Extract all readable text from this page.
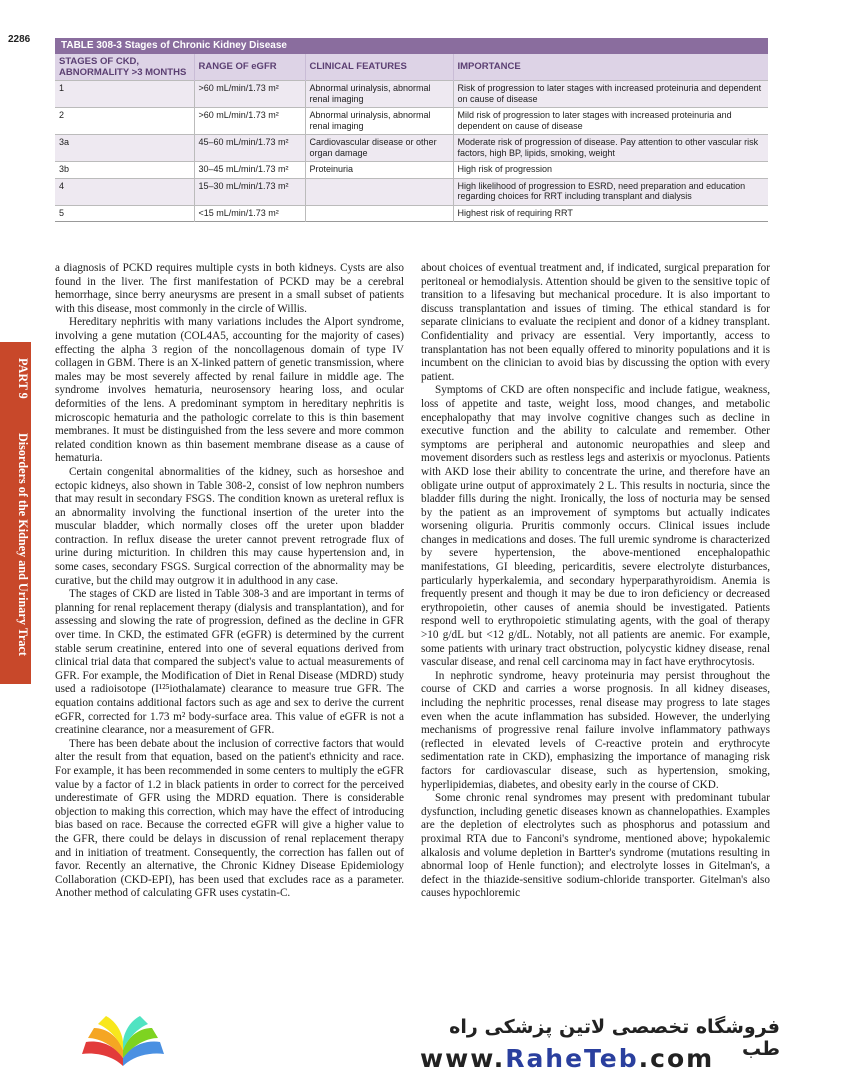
2286
TABLE 308-3 Stages of Chronic Kidney Disease
STAGES OF CKD, ABNORMALITY >3 MONTHS	RANGE OF eGFR	CLINICAL FEATURES	IMPORTANCE
1	>60 mL/min/1.73 m²	Abnormal urinalysis, abnormal renal imaging	Risk of progression to later stages with increased proteinuria and dependent on cause of disease
2	>60 mL/min/1.73 m²	Abnormal urinalysis, abnormal renal imaging	Mild risk of progression to later stages with increased proteinuria and dependent on cause of disease
3a	45–60 mL/min/1.73 m²	Cardiovascular disease or other organ damage	Moderate risk of progression of disease. Pay attention to other vascular risk factors, high BP, lipids, smoking, weight
3b	30–45 mL/min/1.73 m²	Proteinuria	High risk of progression
4	15–30 mL/min/1.73 m²		High likelihood of progression to ESRD, need preparation and education regarding choices for RRT including transplant and dialysis
5	<15 mL/min/1.73 m²		Highest risk of requiring RRT
PART 9    Disorders of the Kidney and Urinary Tract

a diagnosis of PCKD requires multiple cysts in both kidneys. Cysts are also found in the liver. The first manifestation of PCKD may be a cerebral hemorrhage, since berry aneurysms are present in a small subset of patients with this disease, most commonly in the circle of Willis.

Hereditary nephritis with many variations includes the Alport syndrome, involving a gene mutation (COL4A5, accounting for the majority of cases) effecting the alpha 3 region of the noncollagenous domain of type IV collagen in GBM. There is an X-linked pattern of genetic transmission, where males may be most severely affected by renal failure in middle age. The syndrome involves hematuria, neurosensory hearing loss, and ocular deformities of the lens. A predominant symptom in hereditary nephritis is microscopic hematuria and the pathologic correlate to this is thin basement membranes. It must be distinguished from the less severe and more common related condition known as thin basement membrane disease as a cause of hematuria.

Certain congenital abnormalities of the kidney, such as horseshoe and ectopic kidneys, also shown in Table 308-2, consist of low nephron numbers that may result in secondary FSGS. The condition known as ureteral reflux is an abnormality involving the functional insertion of the ureter into the muscular bladder, which normally closes off the ureter upon bladder contraction. In reflux disease the ureter cannot prevent retrograde flux of urine during micturition. In children this may cause hypertension and, in some cases, secondary FSGS. Surgical correction of the abnormality may be curative, but the child may outgrow it in adulthood in any case.

The stages of CKD are listed in Table 308-3 and are important in terms of planning for renal replacement therapy (dialysis and transplantation), and for assessing and slowing the rate of progression, defined as the decline in GFR over time. In CKD, the estimated GFR (eGFR) is determined by the current stable serum creatinine, entered into one of several equations derived from clinical trial data that compared the subject's value to actual measurements of GFR. For example, the Modification of Diet in Renal Disease (MDRD) study used a radioisotope (I¹²⁵iothalamate) clearance to measure true GFR. The equation contains additional factors such as age and sex to derive the current eGFR, corrected for 1.73 m² body-surface area. This value of eGFR is not a creatinine clearance, nor a measurement of GFR.

There has been debate about the inclusion of corrective factors that would alter the result from that equation, based on the patient's ethnicity and race. For example, it has been recommended in some centers to multiply the eGFR value by a factor of 1.2 in black patients in order to correct for the perceived underestimate of GFR using the MDRD equation. There is considerable objection to making this correction, which may have the effect of introducing bias based on race. Because the corrected eGFR will give a higher value to the GFR, there could be delays in discussion of renal replacement therapy and in initiation of treatment. Consequently, the correction has fallen out of favor. Recently an alternative, the Chronic Kidney Disease Epidemiology Collaboration (CKD-EPI), has been used that excludes race as a parameter. Another method of calculating GFR uses cystatin-C.

about choices of eventual treatment and, if indicated, surgical preparation for peritoneal or hemodialysis. Attention should be given to the sensitive topic of transition to a lifesaving but mechanical procedure. It is also important to discuss transplantation and issues of timing. The ethical standard is for separate clinicians to evaluate the recipient and donor of a kidney transplant. Confidentiality and privacy are essential. Very importantly, access to transplantation has not been equally offered to minority populations and it is incumbent on the clinician to avoid bias by discussing the option with every patient.

Symptoms of CKD are often nonspecific and include fatigue, weakness, loss of appetite and taste, weight loss, mood changes, and metabolic encephalopathy that may involve cognitive changes such as decline in executive function and the ability to calculate and remember. Other symptoms are peripheral and autonomic neuropathies and sleep and movement disorders such as restless legs and asterixis or myoclonus. Patients with AKD lose their ability to concentrate the urine, and therefore have an obligate urine output of approximately 2 L. This results in nocturia, since the bladder fills during the night. Ironically, the loss of nocturia may be sensed by the patient as an improvement of symptoms but actually indicates worsening oliguria. Pruritis commonly occurs. Clinical issues include changes in medications and doses. The full uremic syndrome is characterized by severe hypertension, the above-mentioned encephalopathic manifestations, GI bleeding, pericarditis, severe electrolyte disturbances, particularly hyperkalemia, and secondary hyperparathyroidism. Anemia is frequently present and though it may be due to iron deficiency or decreased erythropoietin, other causes of anemia should be investigated. Patients respond well to erythropoietic stimulating agents, with the goal of therapy >10 g/dL but <12 g/dL. Notably, not all patients are anemic. For example, some patients with urinary tract obstruction, polycystic kidney disease, renal vascular disease, and renal cell carcinoma may in fact have erythrocytosis.

In nephrotic syndrome, heavy proteinuria may persist throughout the course of CKD and carries a worse prognosis. In all kidney diseases, including the nephritic processes, renal disease may progress to late stages even when the acute inflammation has subsided. However, the underlying mechanisms of progressive renal failure involve inflammatory pathways (reflected in elevated levels of C-reactive protein and erythrocyte sedimentation rate in CKD), emphasizing the importance of managing risk factors for cardiovascular disease, such as hypertension, smoking, hyperlipidemias, diabetes, and obesity early in the course of CKD.

Some chronic renal syndromes may present with predominant tubular dysfunction, including genetic diseases known as channelopathies. Examples are the depletion of electrolytes such as phosphorus and potassium and proximal RTA due to Fanconi's syndrome, mentioned above; hypokalemic alkalosis and volume depletion in Bartter's syndrome (mutations resulting in abnormal loop of Henle function); and electrolyte losses in Gitelman's, a defect in the thiazide-sensitive sodium-chloride transporter. Gitelman's also causes hypochloremic

فروشگاه تخصصی لاتین پزشکی راه طب
www.RaheTeb.com
